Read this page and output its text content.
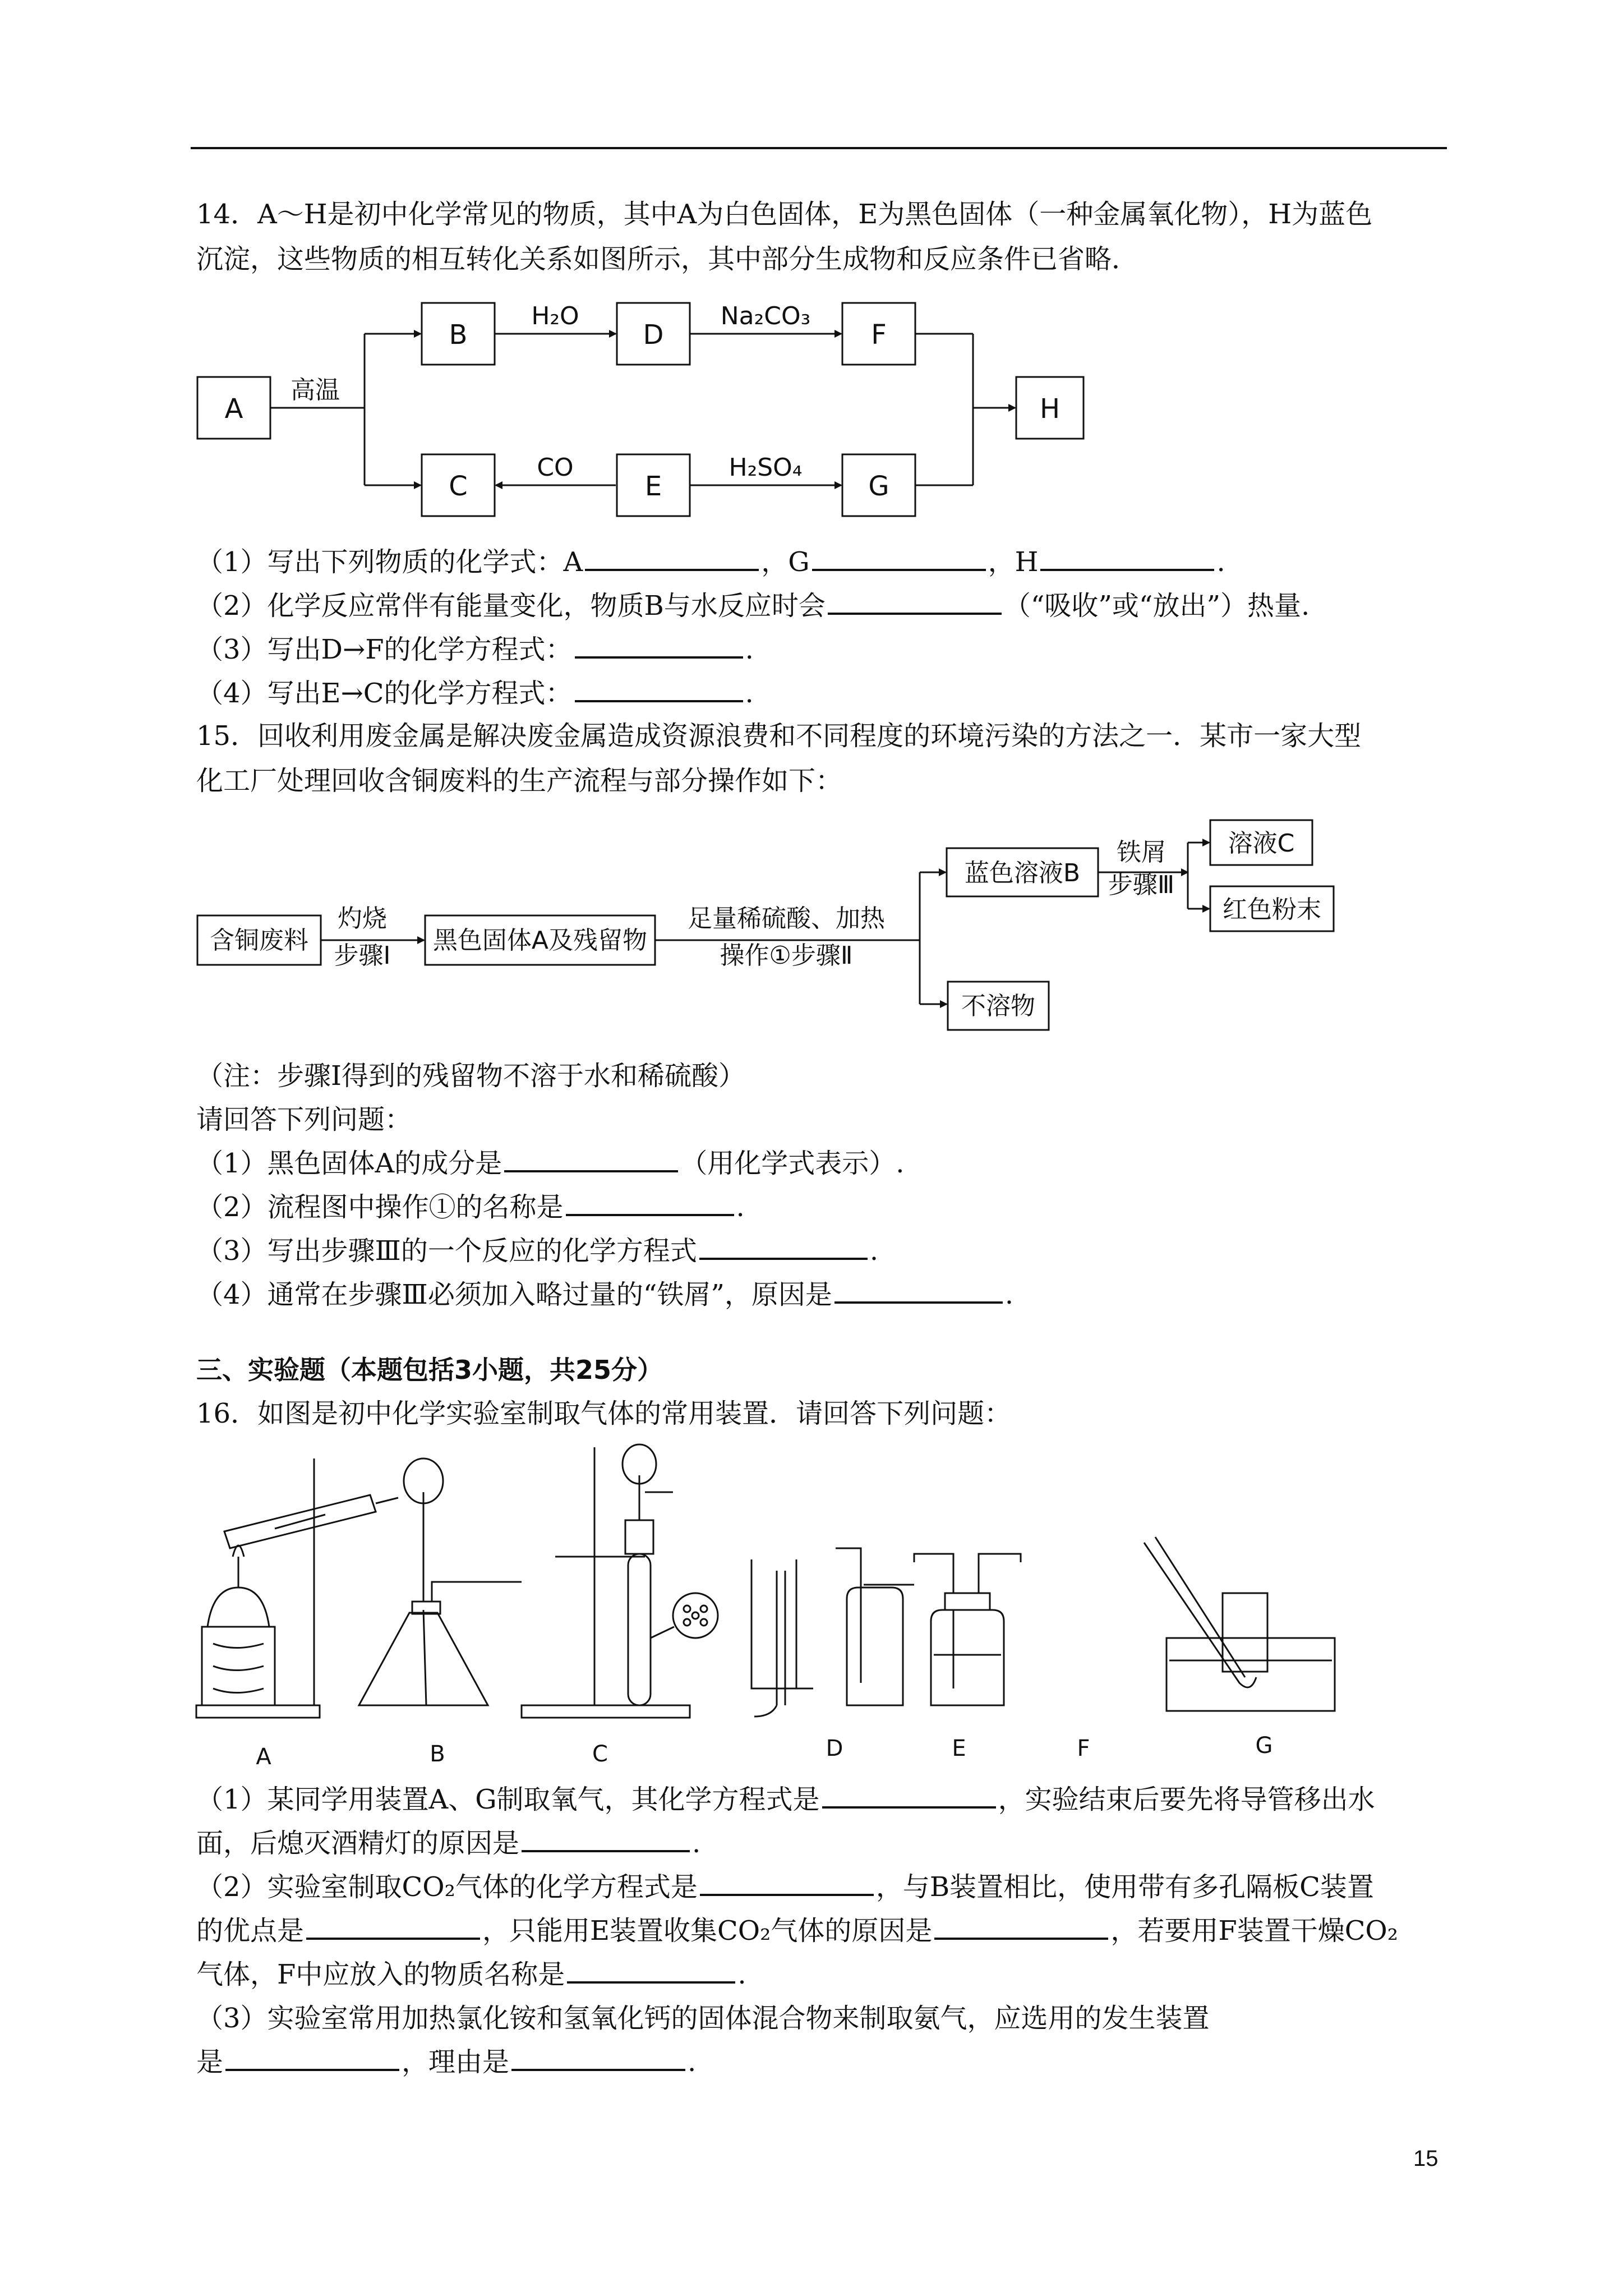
14．A～H是初中化学常见的物质，其中A为白色固体，E为黑色固体（一种金属氧化物），H为蓝色
沉淀，这些物质的相互转化关系如图所示，其中部分生成物和反应条件已省略．
A
B	D	F
C	E	G
H
高温
H₂O	Na₂CO₃
CO	H₂SO₄
（1）写出下列物质的化学式：A	，G	，H	.
（2）化学反应常伴有能量变化，物质B与水反应时会	（“吸收”或“放出”）热量.
（3）写出D→F的化学方程式：	.
（4）写出E→C的化学方程式：	.
15．回收利用废金属是解决废金属造成资源浪费和不同程度的环境污染的方法之一．某市一家大型
化工厂处理回收含铜废料的生产流程与部分操作如下：
含铜废料	黑色固体A及残留物
蓝色溶液B
溶液C
红色粉末
不溶物
灼烧
步骤Ⅰ
足量稀硫酸、加热
操作①步骤Ⅱ
铁屑
步骤Ⅲ
（注：步骤Ⅰ得到的残留物不溶于水和稀硫酸）
请回答下列问题：
（1）黑色固体A的成分是	（用化学式表示）.
（2）流程图中操作①的名称是	.
（3）写出步骤Ⅲ的一个反应的化学方程式	.
（4）通常在步骤Ⅲ必须加入略过量的“铁屑”，原因是	.
三、实验题（本题包括3小题，共25分）
16．如图是初中化学实验室制取气体的常用装置．请回答下列问题：
A	B	C	D	E	F	G
（1）某同学用装置A、G制取氧气，其化学方程式是	，实验结束后要先将导管移出水
面，后熄灭酒精灯的原因是	.
（2）实验室制取CO₂气体的化学方程式是	，与B装置相比，使用带有多孔隔板C装置
的优点是	，只能用E装置收集CO₂气体的原因是	，若要用F装置干燥CO₂
气体，F中应放入的物质名称是	.
（3）实验室常用加热氯化铵和氢氧化钙的固体混合物来制取氨气，应选用的发生装置
是	，理由是	.
15
